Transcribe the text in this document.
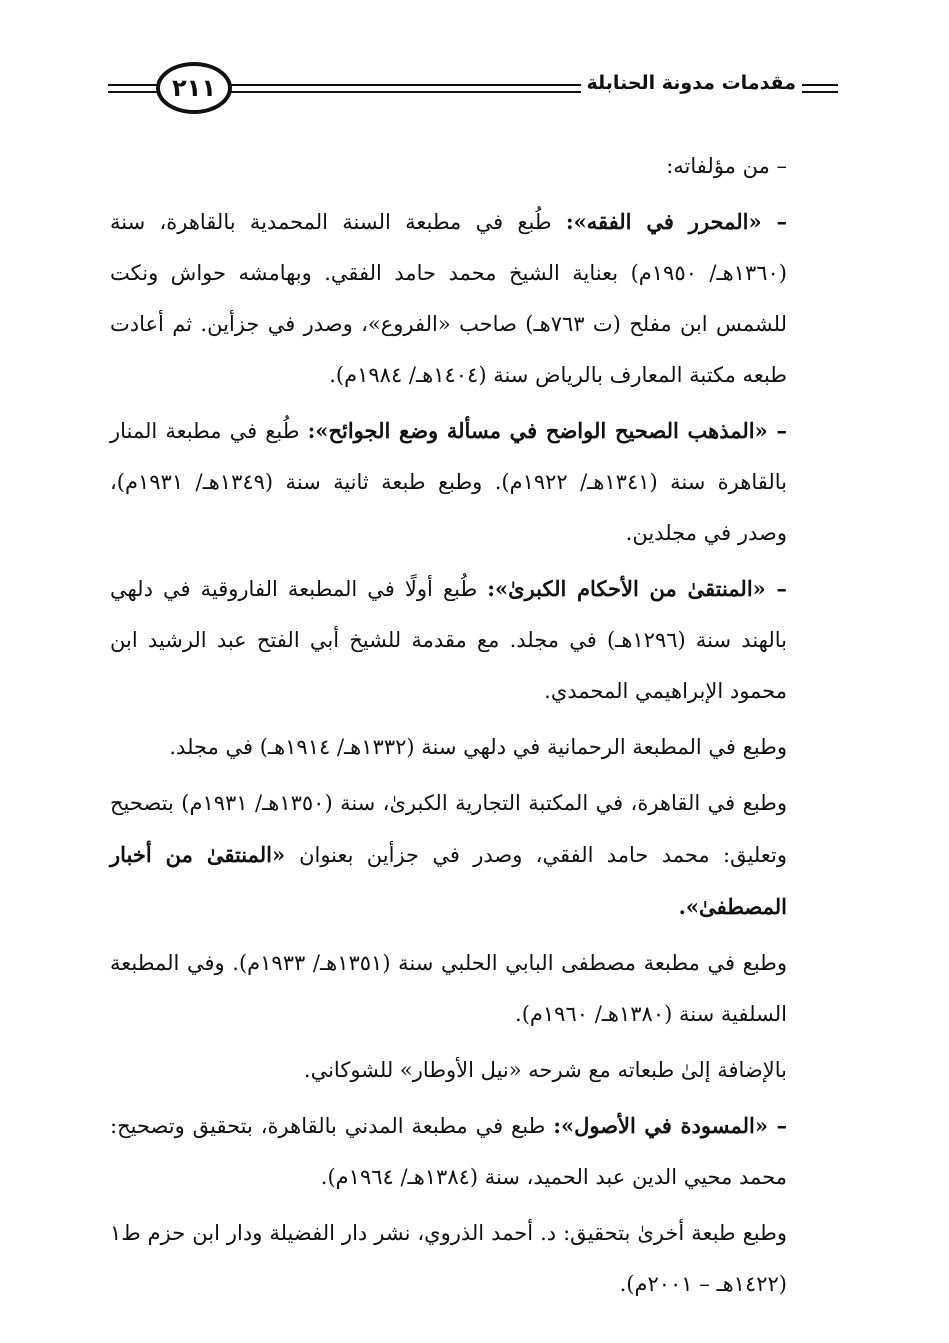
٢١١	مقدمات مدونة الحنابلة

– من مؤلفاته:

– «المحرر في الفقه»: طُبع في مطبعة السنة المحمدية بالقاهرة، سنة (١٣٦٠هـ/ ١٩٥٠م) بعناية الشيخ محمد حامد الفقي. وبهامشه حواش ونكت للشمس ابن مفلح (ت ٧٦٣هـ) صاحب «الفروع»، وصدر في جزأين. ثم أعادت طبعه مكتبة المعارف بالرياض سنة (١٤٠٤هـ/ ١٩٨٤م).

– «المذهب الصحيح الواضح في مسألة وضع الجوائح»: طُبع في مطبعة المنار بالقاهرة سنة (١٣٤١هـ/ ١٩٢٢م). وطبع طبعة ثانية سنة (١٣٤٩هـ/ ١٩٣١م)، وصدر في مجلدين.

– «المنتقىٰ من الأحكام الكبرىٰ»: طُبع أولًا في المطبعة الفاروقية في دلهي بالهند سنة (١٢٩٦هـ) في مجلد. مع مقدمة للشيخ أبي الفتح عبد الرشيد ابن محمود الإبراهيمي المحمدي.

وطبع في المطبعة الرحمانية في دلهي سنة (١٣٣٢هـ/ ١٩١٤هـ) في مجلد.

وطبع في القاهرة، في المكتبة التجارية الكبرىٰ، سنة (١٣٥٠هـ/ ١٩٣١م) بتصحيح وتعليق: محمد حامد الفقي، وصدر في جزأين بعنوان «المنتقىٰ من أخبار المصطفىٰ».

وطبع في مطبعة مصطفى البابي الحلبي سنة (١٣٥١هـ/ ١٩٣٣م). وفي المطبعة السلفية سنة (١٣٨٠هـ/ ١٩٦٠م).

بالإضافة إلىٰ طبعاته مع شرحه «نيل الأوطار» للشوكاني.

– «المسودة في الأصول»: طبع في مطبعة المدني بالقاهرة، بتحقيق وتصحيح: محمد محيي الدين عبد الحميد، سنة (١٣٨٤هـ/ ١٩٦٤م).

وطبع طبعة أخرىٰ بتحقيق: د. أحمد الذروي، نشر دار الفضيلة ودار ابن حزم ط١ (١٤٢٢هـ – ٢٠٠١م).
